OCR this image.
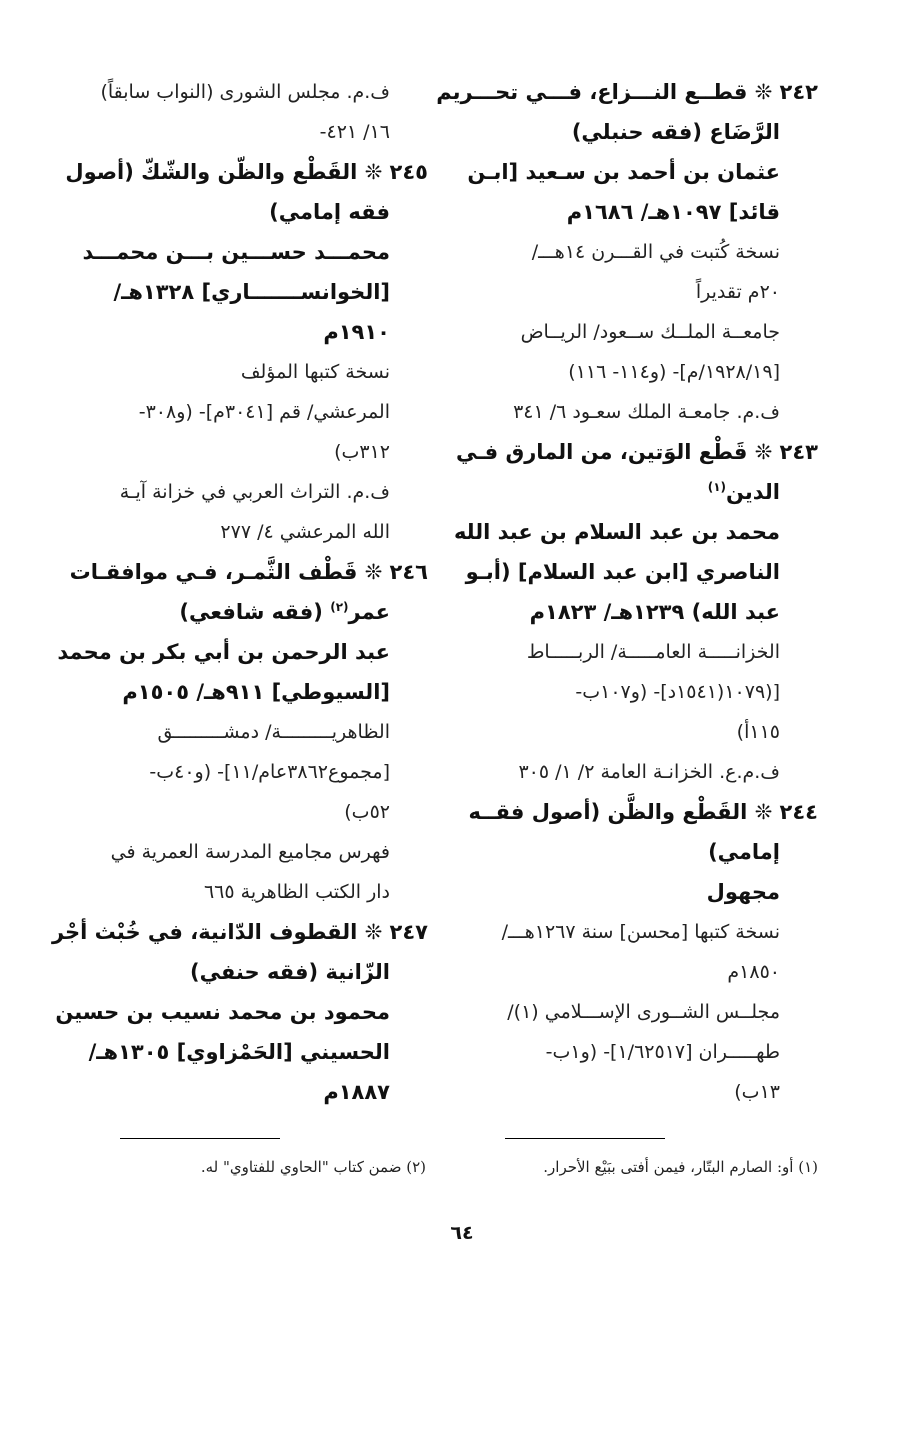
٢٤٢ ❊ قطــع النـــزاع، فـــي تحـــريم
الرَّضَاع (فقه حنبلي)
عثمان بن أحمد بن سـعيد [ابـن
قائد] ١٠٩٧هـ/ ١٦٨٦م
نسخة كُتبت في القـــرن ١٤هـــ/
٢٠م تقديراً
جامعــة الملــك ســعود/ الريــاض
[١٩٢٨/١٩/م]- (و١١٤- ١١٦)
ف.م. جامعـة الملك سعـود ٦/ ٣٤١
٢٤٣ ❊ قَطْع الوَتين، من المارق فـي
الدين$^{(١)}$
محمد بن عبد السلام بن عبد الله
الناصري [ابن عبد السلام] (أبـو
عبد الله) ١٢٣٩هـ/ ١٨٢٣م
الخزانـــــة العامـــــة/ الربـــــاط
[(١٠٧٩(١٥٤١د]- (و١٠٧ب-
١١٥أ)
ف.م.ع. الخزانـة العامة ٢/ ١/ ٣٠٥
٢٤٤ ❊ القَطْع والظَّن (أصول فقــه
إمامي)
مجهول
نسخة كتبها [محسن] سنة ١٢٦٧هـــ/
١٨٥٠م
مجلــس الشــورى الإســـلامي (١)/
طهـــــران [١/٦٢٥١٧]- (و١ب-
١٣ب)
ف.م. مجلس الشورى (النواب سابقاً)
١٦/ ٤٢١-
٢٤٥ ❊ القَطْع والظّن والشّكّ (أصول
فقه إمامي)
محمـــد حســـين بـــن محمـــد
[الخوانســـــــاري] ١٣٢٨هـ/
١٩١٠م
نسخة كتبها المؤلف
المرعشي/ قم [٣٠٤١م]- (و٣٠٨-
٣١٢ب)
ف.م. التراث العربي في خزانة آيـة
الله المرعشي ٤/ ٢٧٧
٢٤٦ ❊ قَطْف الثَّمـر، فـي موافقـات
عمر$^{(٢)}$ (فقه شافعي)
عبد الرحمن بن أبي بكر بن محمد
[السيوطي] ٩١١هـ/ ١٥٠٥م
الظاهريـــــــــة/ دمشـــــــــق
[مجموع٣٨٦٢عام/١١]- (و٤٠ب-
٥٢ب)
فهرس مجاميع المدرسة العمرية في
دار الكتب الظاهرية ٦٦٥
٢٤٧ ❊ القطوف الدّانية، في خُبْث أجْر
الزّانية (فقه حنفي)
محمود بن محمد نسيب بن حسين
الحسيني [الحَمْزاوي] ١٣٠٥هـ/
١٨٨٧م
(١) أو: الصارم البتّار، فيمن أفتى ببَيْع الأحرار.
(٢) ضمن كتاب "الحاوي للفتاوي" له.
٦٤
